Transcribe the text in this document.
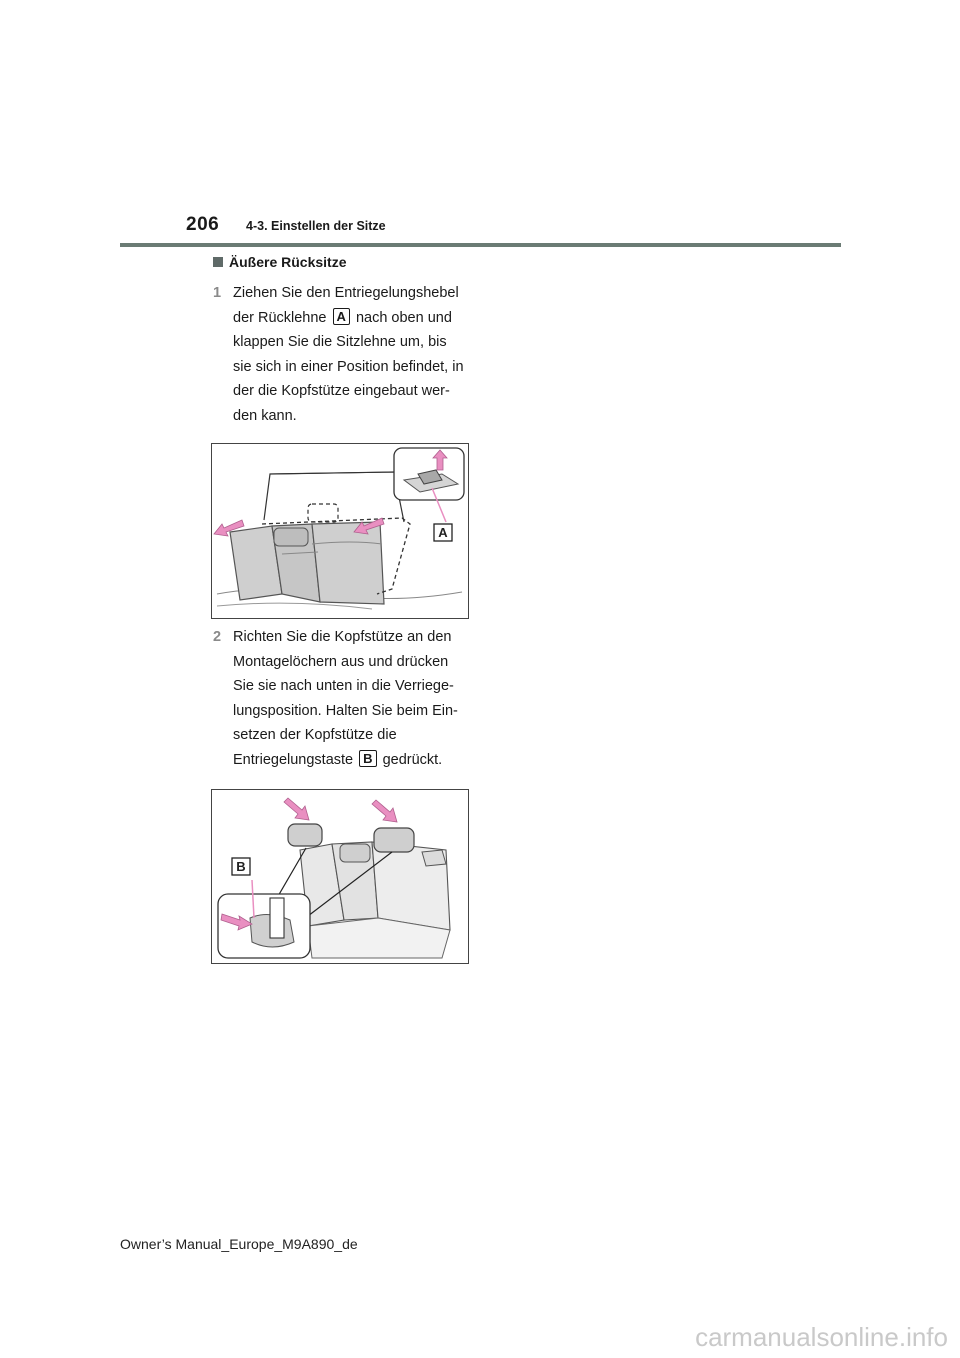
206 4-3. Einstellen der Sitze
Äußere Rücksitze
1 Ziehen Sie den Entriegelungshebel
der Rücklehne A nach oben und
klappen Sie die Sitzlehne um, bis
sie sich in einer Position befindet, in
der die Kopfstütze eingebaut wer-
den kann.
A
2 Richten Sie die Kopfstütze an den
Montagelöchern aus und drücken
Sie sie nach unten in die Verriege-
lungsposition. Halten Sie beim Ein-
setzen der Kopfstütze die
Entriegelungstaste B gedrückt.
B
Owner’s Manual_Europe_M9A890_de
carmanualsonline.info
